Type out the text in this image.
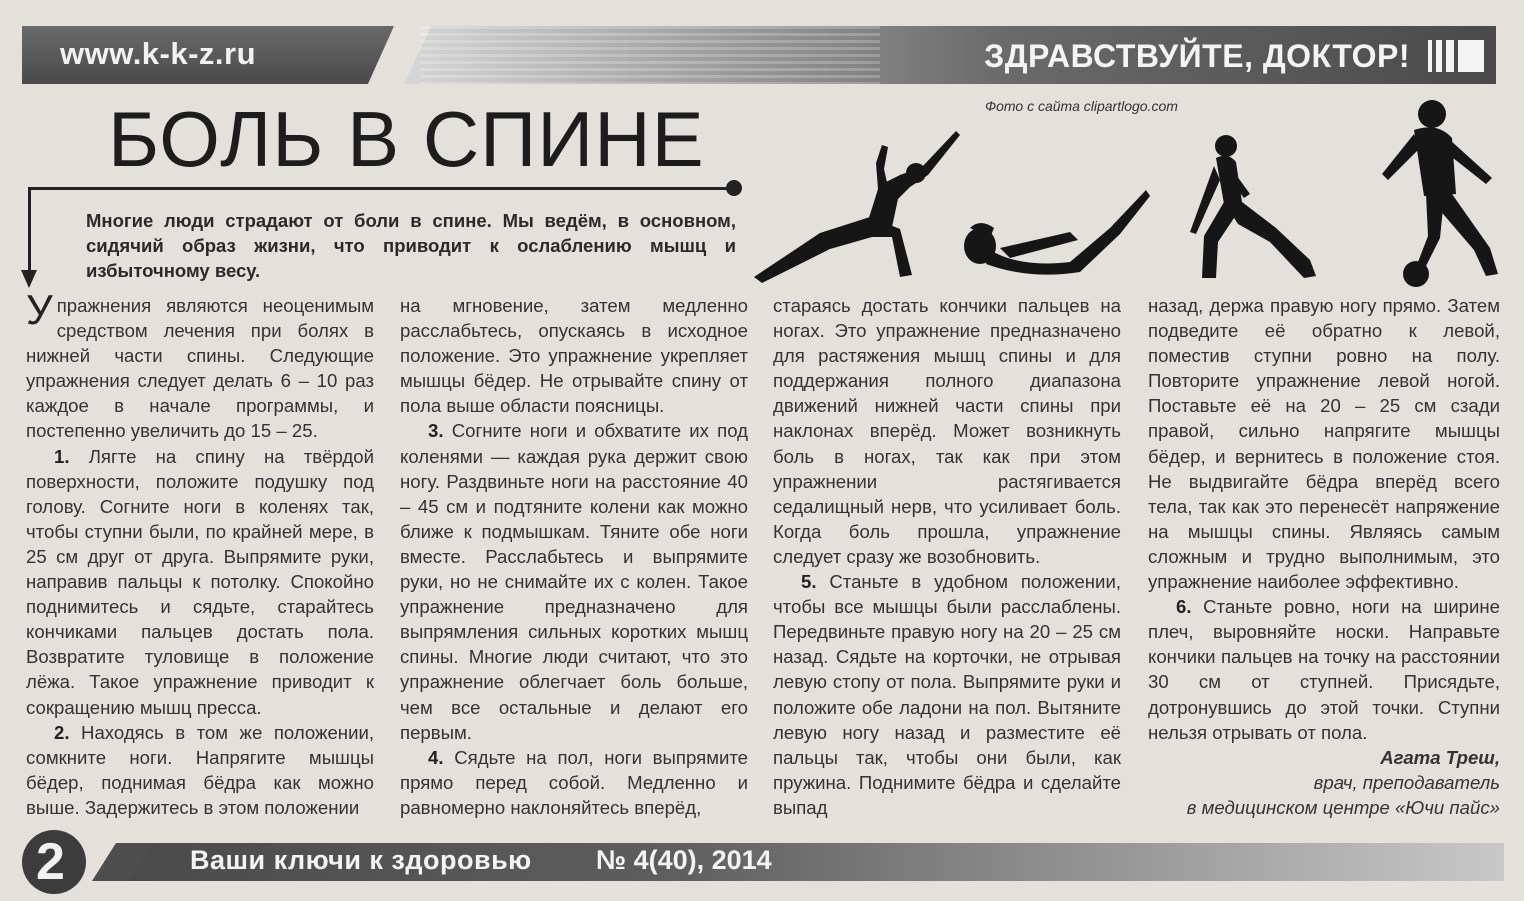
www.k-k-z.ru	ЗДРАВСТВУЙТЕ, ДОКТОР!
БОЛЬ В СПИНЕ	Фото с сайта clipartlogo.com
Многие люди страдают от боли в спине. Мы ведём, в основном, сидячий образ жизни, что приводит к ослаблению мышц и избыточному весу.

Упражнения являются неоценимым средством лечения при болях в нижней части спины. Следующие упражнения следует делать 6 – 10 раз каждое в начале программы, и постепенно увеличить до 15 – 25.

1. Лягте на спину на твёрдой поверхности, положите подушку под голову. Согните ноги в коленях так, чтобы ступни были, по крайней мере, в 25 см друг от друга. Выпрямите руки, направив пальцы к потолку. Спокойно поднимитесь и сядьте, старайтесь кончиками пальцев достать пола. Возвратите туловище в положение лёжа. Такое упражнение приводит к сокращению мышц пресса.

2. Находясь в том же положении, сомкните ноги. Напрягите мышцы бёдер, поднимая бёдра как можно выше. Задержитесь в этом положении

на мгновение, затем медленно расслабьтесь, опускаясь в исходное положение. Это упражнение укрепляет мышцы бёдер. Не отрывайте спину от пола выше области поясницы.

3. Согните ноги и обхватите их под коленями — каждая рука держит свою ногу. Раздвиньте ноги на расстояние 40 – 45 см и подтяните колени как можно ближе к подмышкам. Тяните обе ноги вместе. Расслабьтесь и выпрямите руки, но не снимайте их с колен. Такое упражнение предназначено для выпрямления сильных коротких мышц спины. Многие люди считают, что это упражнение облегчает боль больше, чем все остальные и делают его первым.

4. Сядьте на пол, ноги выпрямите прямо перед собой. Медленно и равномерно наклоняйтесь вперёд,

стараясь достать кончики пальцев на ногах. Это упражнение предназначено для растяжения мышц спины и для поддержания полного диапазона движений нижней части спины при наклонах вперёд. Может возникнуть боль в ногах, так как при этом упражнении растягивается седалищный нерв, что усиливает боль. Когда боль прошла, упражнение следует сразу же возобновить.

5. Станьте в удобном положении, чтобы все мышцы были расслаблены. Передвиньте правую ногу на 20 – 25 см назад. Сядьте на корточки, не отрывая левую стопу от пола. Выпрямите руки и положите обе ладони на пол. Вытяните левую ногу назад и разместите её пальцы так, чтобы они были, как пружина. Поднимите бёдра и сделайте выпад

назад, держа правую ногу прямо. Затем подведите её обратно к левой, поместив ступни ровно на полу. Повторите упражнение левой ногой. Поставьте её на 20 – 25 см сзади правой, сильно напрягите мышцы бёдер, и вернитесь в положение стоя. Не выдвигайте бёдра вперёд всего тела, так как это перенесёт напряжение на мышцы спины. Являясь самым сложным и трудно выполнимым, это упражнение наиболее эффективно.

6. Станьте ровно, ноги на ширине плеч, выровняйте носки. Направьте кончики пальцев на точку на расстоянии 30 см от ступней. Присядьте, дотронувшись до этой точки. Ступни нельзя отрывать от пола.

Агата Треш,
врач, преподаватель
в медицинском центре «Ючи пайс»
2	Ваши ключи к здоровью № 4(40), 2014
